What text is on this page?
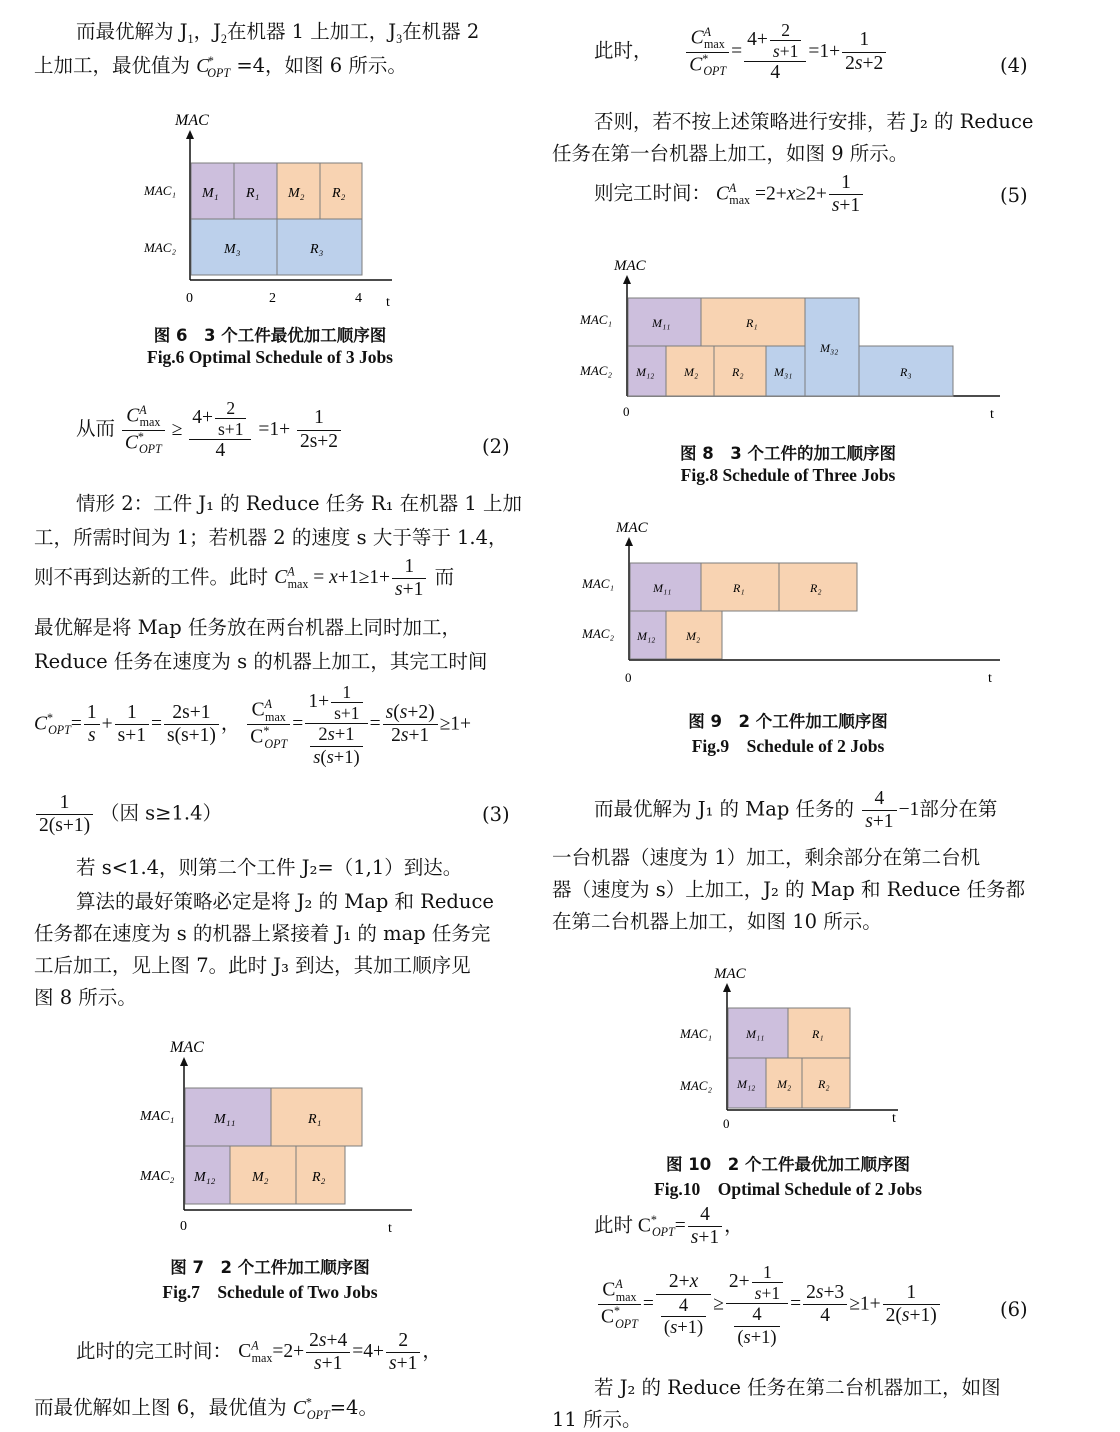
而最优解为 $J_1$，$J_2$在机器 1 上加工，$J_3$在机器 2
上加工，最优值为 $C^*_{OPT} =4$，如图 6 所示。
MAC
M₁ R₁ M₂ R₂
M₃	R₃
MAC₁
MAC₂
0	2	4 t
图 6　3 个工件最优加工顺序图
Fig.6 Optimal Schedule of 3 Jobs
从而 $\frac{C^A_{max}}{C^*_{OPT}} \ge \frac{4+ \frac{2}{s+1}}{4} =1+ \frac{1}{2s+2}$	(2)
情形 2：工件 J₁ 的 Reduce 任务 R₁ 在机器 1 上加
工，所需时间为 1；若机器 2 的速度 s 大于等于 1.4，
则不再到达新的工件。此时 $C^A_{max} = x+1\ge 1+ \frac{1}{s+1}$ 而
最优解是将 Map 任务放在两台机器上同时加工，
Reduce 任务在速度为 s 的机器上加工，其完工时间
$C^*_{OPT}= \frac{1}{s} + \frac{1}{s+1} = \frac{2s+1}{s(s+1)}$ ， $\frac{C^A_{max}}{C^*_{OPT}} = \frac{1+ \frac{1}{s+1}}{\frac{2s+1}{s(s+1)}} = \frac{s(s+2)}{2s+1} \ge 1+$
$\frac{1}{2(s+1)}$ （因 s≥1.4）	(3)
若 s<1.4，则第二个工件 J₂=（1,1）到达。
算法的最好策略必定是将 J₂ 的 Map 和 Reduce
任务都在速度为 s 的机器上紧接着 J₁ 的 map 任务完
工后加工，见上图 7。此时 J₃ 到达，其加工顺序见
图 8 所示。
MAC
M₁₁	R₁
M₁₂	M₂	R₂
MAC₁
MAC₂
0	t
图 7　2 个工件加工顺序图
Fig.7　Schedule of Two Jobs
此时的完工时间： $C^A_{max}=2+ \frac{2s+4}{s+1} =4+ \frac{2}{s+1}$ ，
而最优解如上图 6，最优值为 $C^*_{OPT}=4$。
此时， $\frac{C^A_{max}}{C^*_{OPT}} = \frac{4+ \frac{2}{s+1}}{4} =1+ \frac{1}{2s+2}$	(4)
否则，若不按上述策略进行安排，若 J₂ 的 Reduce
任务在第一台机器上加工，如图 9 所示。
则完工时间： $C^A_{max} =2+x\ge 2+ \frac{1}{s+1}$	(5)
MAC
M₁₁	R₁
M₁₂ M₂	R₂	M₃₁
M₃₂
R₃
MAC₁
MAC₂
0	t
图 8　3 个工件的加工顺序图
Fig.8 Schedule of Three Jobs
MAC
M₁₁	R₁	R₂
M₁₂	M₂
MAC₁
MAC₂
0	t
图 9　2 个工件加工顺序图
Fig.9　Schedule of 2 Jobs
而最优解为 J₁ 的 Map 任务的 $\frac{4}{s+1} -1$部分在第
一台机器（速度为 1）加工，剩余部分在第二台机
器（速度为 s）上加工，J₂ 的 Map 和 Reduce 任务都
在第二台机器上加工，如图 10 所示。
MAC
M₁₁	R₁
M₁₂ M₂ R₂
MAC₁
MAC₂
0	t
图 10　2 个工件最优加工顺序图
Fig.10　Optimal Schedule of 2 Jobs
此时 $C^*_{OPT}= \frac{4}{s+1}$ ，
$\frac{C^A_{max}}{C^*_{OPT}} = \frac{2+x}{\frac{4}{(s+1)}} \ge \frac{2+ \frac{1}{s+1}}{\frac{4}{(s+1)}} = \frac{2s+3}{4} \ge 1+ \frac{1}{2(s+1)}$	(6)
若 J₂ 的 Reduce 任务在第二台机器加工，如图
11 所示。
